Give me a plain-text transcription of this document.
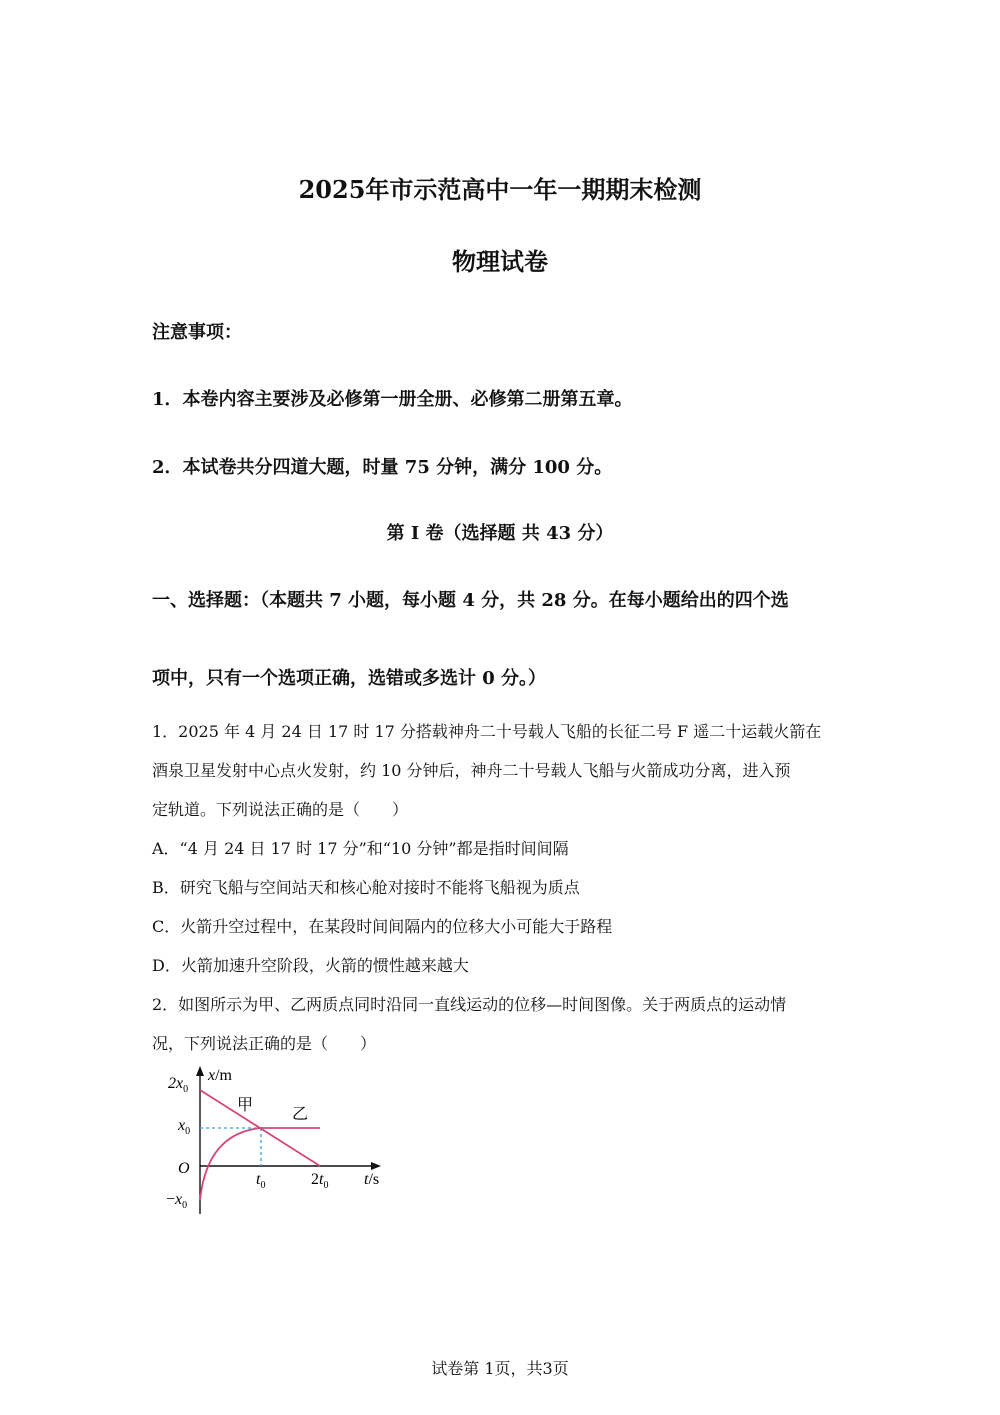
2025年市示范高中一年一期期末检测
物理试卷
注意事项：
1．本卷内容主要涉及必修第一册全册、必修第二册第五章。
2．本试卷共分四道大题，时量 75 分钟，满分 100 分。
第 I 卷（选择题 共 43 分）
一、选择题：（本题共 7 小题，每小题 4 分，共 28 分。在每小题给出的四个选
项中，只有一个选项正确，选错或多选计 0 分。）
1．2025 年 4 月 24 日 17 时 17 分搭载神舟二十号载人飞船的长征二号 F 遥二十运载火箭在
酒泉卫星发射中心点火发射，约 10 分钟后，神舟二十号载人飞船与火箭成功分离，进入预
定轨道。下列说法正确的是（　　）
A．“4 月 24 日 17 时 17 分”和“10 分钟”都是指时间间隔
B．研究飞船与空间站天和核心舱对接时不能将飞船视为质点
C．火箭升空过程中，在某段时间间隔内的位移大小可能大于路程
D．火箭加速升空阶段，火箭的惯性越来越大
2．如图所示为甲、乙两质点同时沿同一直线运动的位移—时间图像。关于两质点的运动情
况，下列说法正确的是（　　）
$2x_0$
x/m
甲
乙
$x_0$
O
$t_0$	$2t_0$ t/s
$-x_0$
试卷第 1页，共3页
